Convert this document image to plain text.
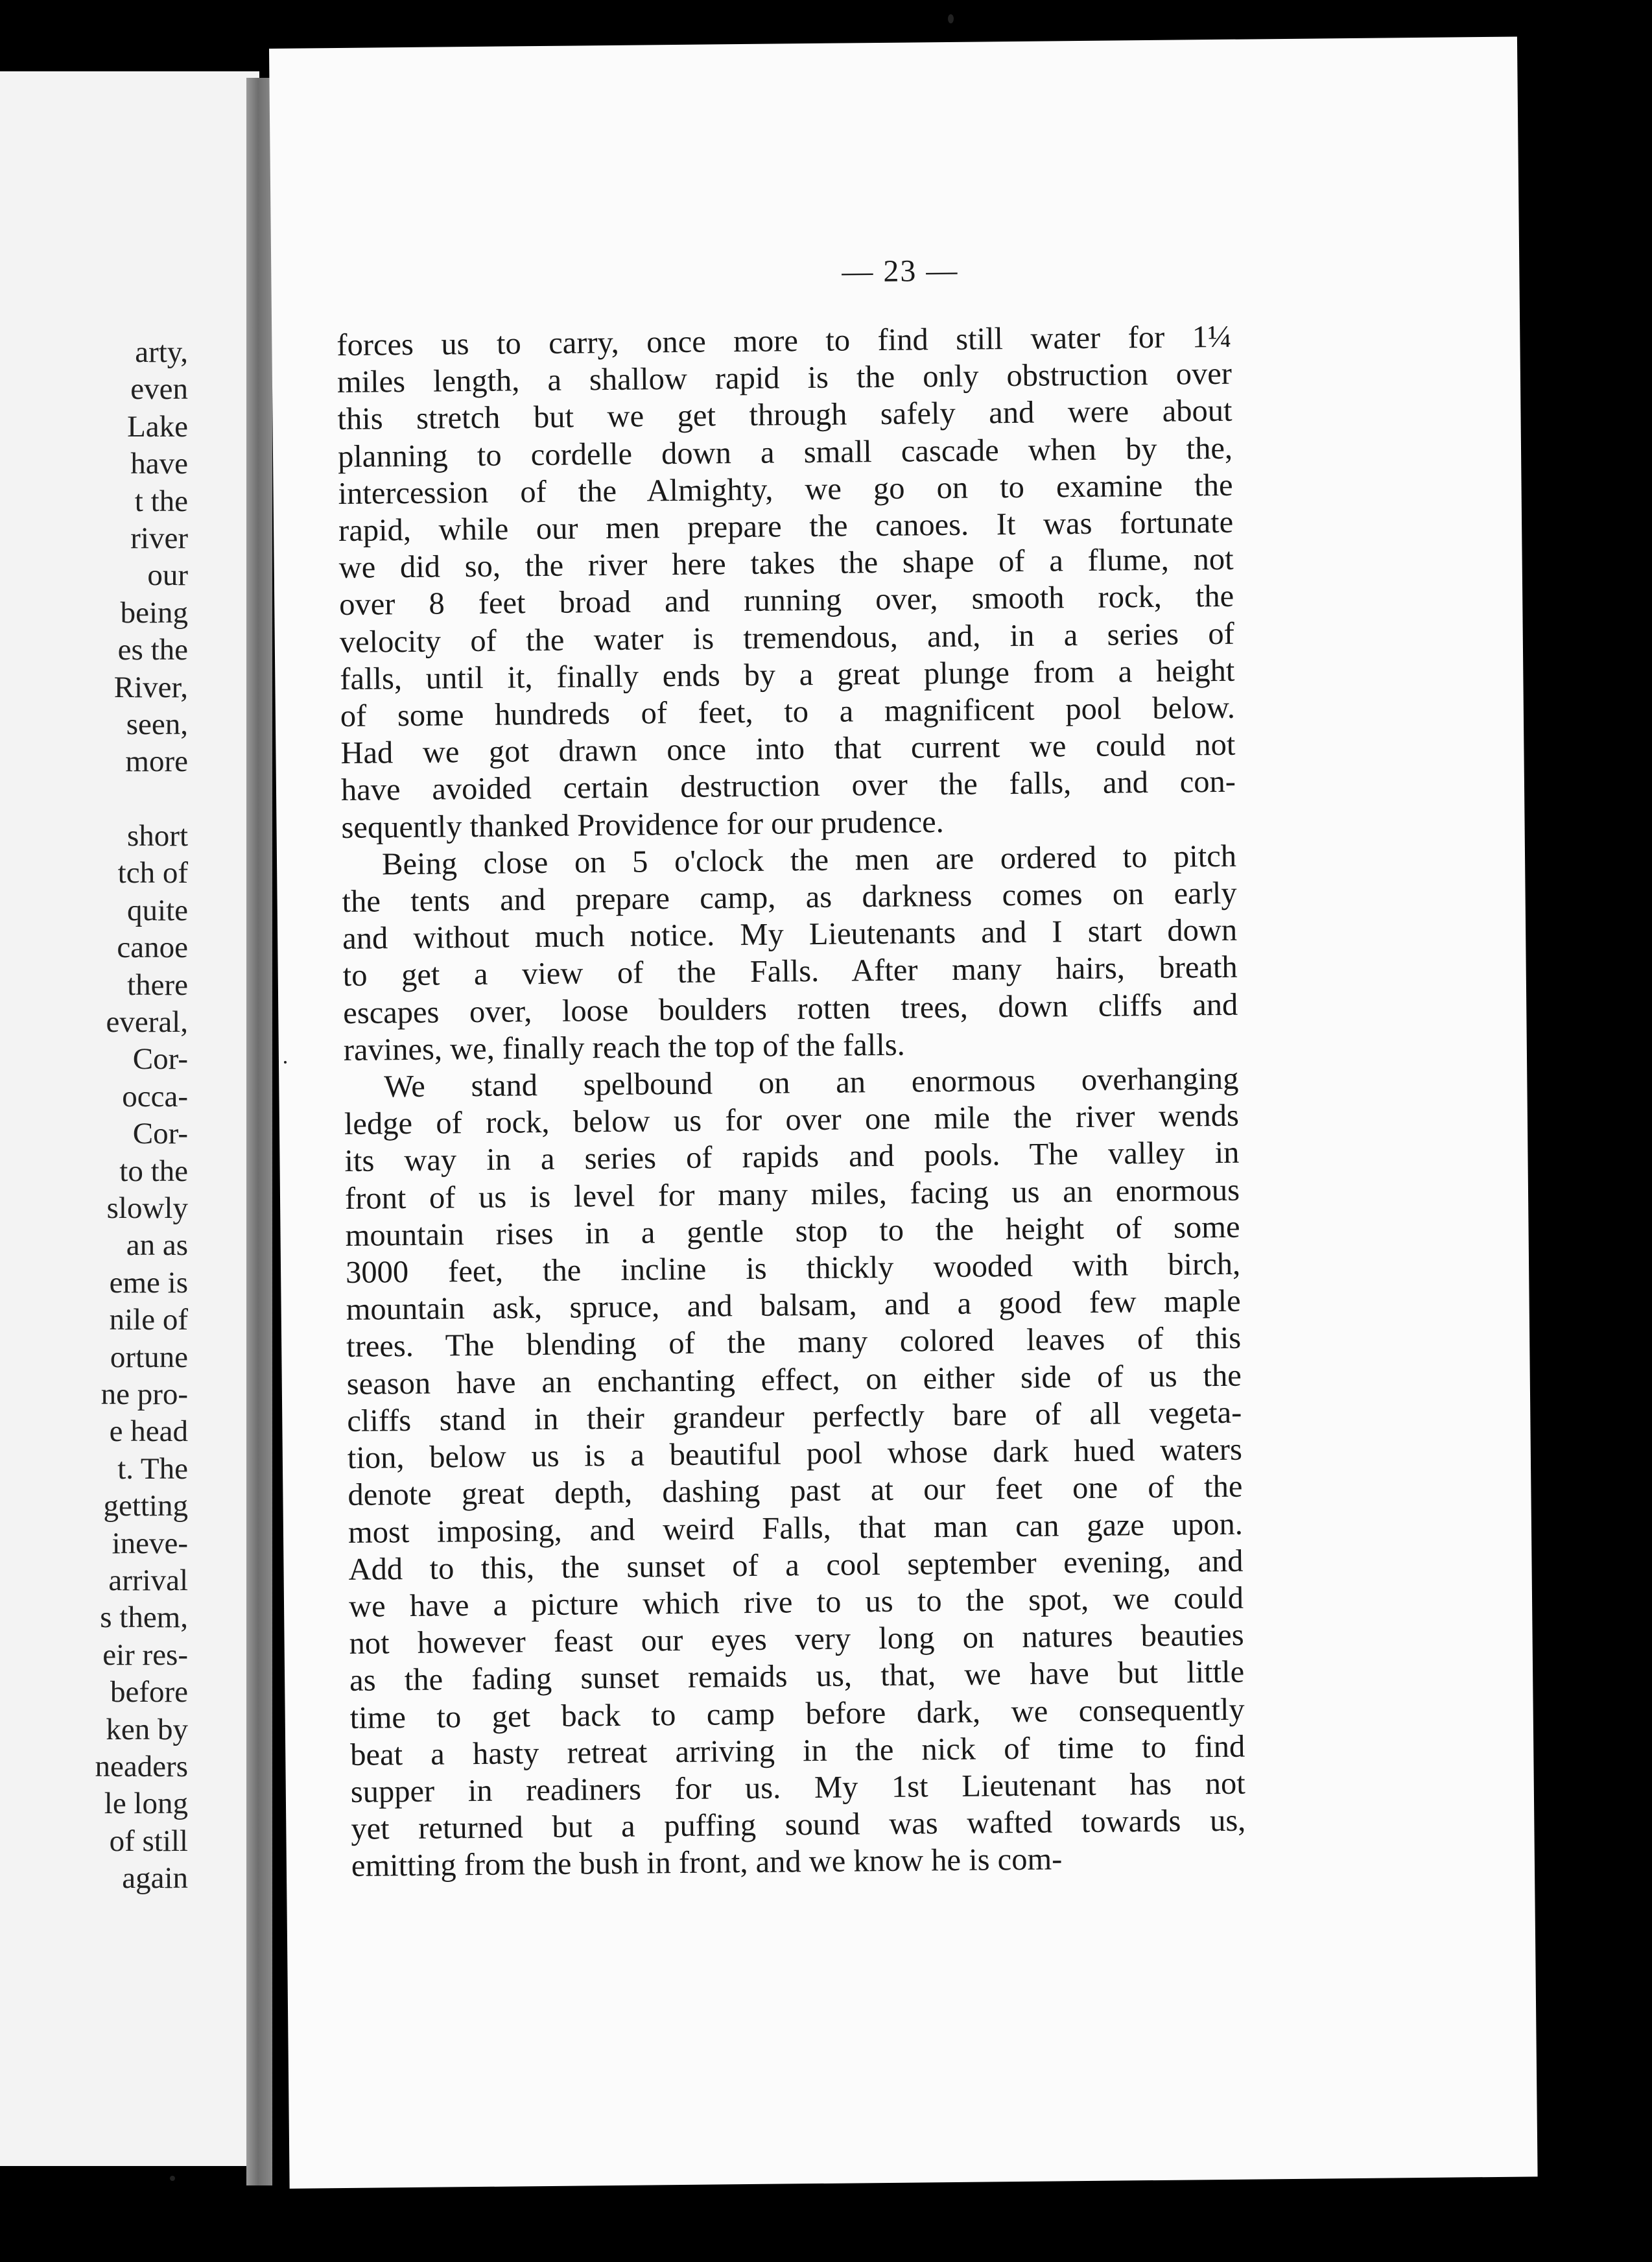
arty,
even
Lake
have
t the
river
our
being
es the
River,
seen,
more
short
tch of
quite
canoe
there
everal,
Cor-
occa-
Cor-
to the
slowly
an as
eme is
nile of
ortune
ne pro-
e head
t. The
getting
ineve-
arrival
s them,
eir res-
before
ken by
neaders
le long
of still
again
— 23 —
forces us to carry, once more to find still water for 1¼
miles length, a shallow rapid is the only obstruction over
this stretch but we get through safely and were about
planning to cordelle down a small cascade when by the,
intercession of the Almighty, we go on to examine the
rapid, while our men prepare the canoes. It was fortunate
we did so, the river here takes the shape of a flume, not
over 8 feet broad and running over, smooth rock, the
velocity of the water is tremendous, and, in a series of
falls, until it, finally ends by a great plunge from a height
of some hundreds of feet, to a magnificent pool below.
Had we got drawn once into that current we could not
have avoided certain destruction over the falls, and con-
sequently thanked Providence for our prudence.
Being close on 5 o'clock the men are ordered to pitch
the tents and prepare camp, as darkness comes on early
and without much notice. My Lieutenants and I start down
to get a view of the Falls. After many hairs, breath
escapes over, loose boulders rotten trees, down cliffs and
ravines, we, finally reach the top of the falls.
We stand spelbound on an enormous overhanging
ledge of rock, below us for over one mile the river wends
its way in a series of rapids and pools. The valley in
front of us is level for many miles, facing us an enormous
mountain rises in a gentle stop to the height of some
3000 feet, the incline is thickly wooded with birch,
mountain ask, spruce, and balsam, and a good few maple
trees. The blending of the many colored leaves of this
season have an enchanting effect, on either side of us the
cliffs stand in their grandeur perfectly bare of all vegeta-
tion, below us is a beautiful pool whose dark hued waters
denote great depth, dashing past at our feet one of the
most imposing, and weird Falls, that man can gaze upon.
Add to this, the sunset of a cool september evening, and
we have a picture which rive to us to the spot, we could
not however feast our eyes very long on natures beauties
as the fading sunset remaids us, that, we have but little
time to get back to camp before dark, we consequently
beat a hasty retreat arriving in the nick of time to find
supper in readiners for us. My 1st Lieutenant has not
yet returned but a puffing sound was wafted towards us,
emitting from the bush in front, and we know he is com-
